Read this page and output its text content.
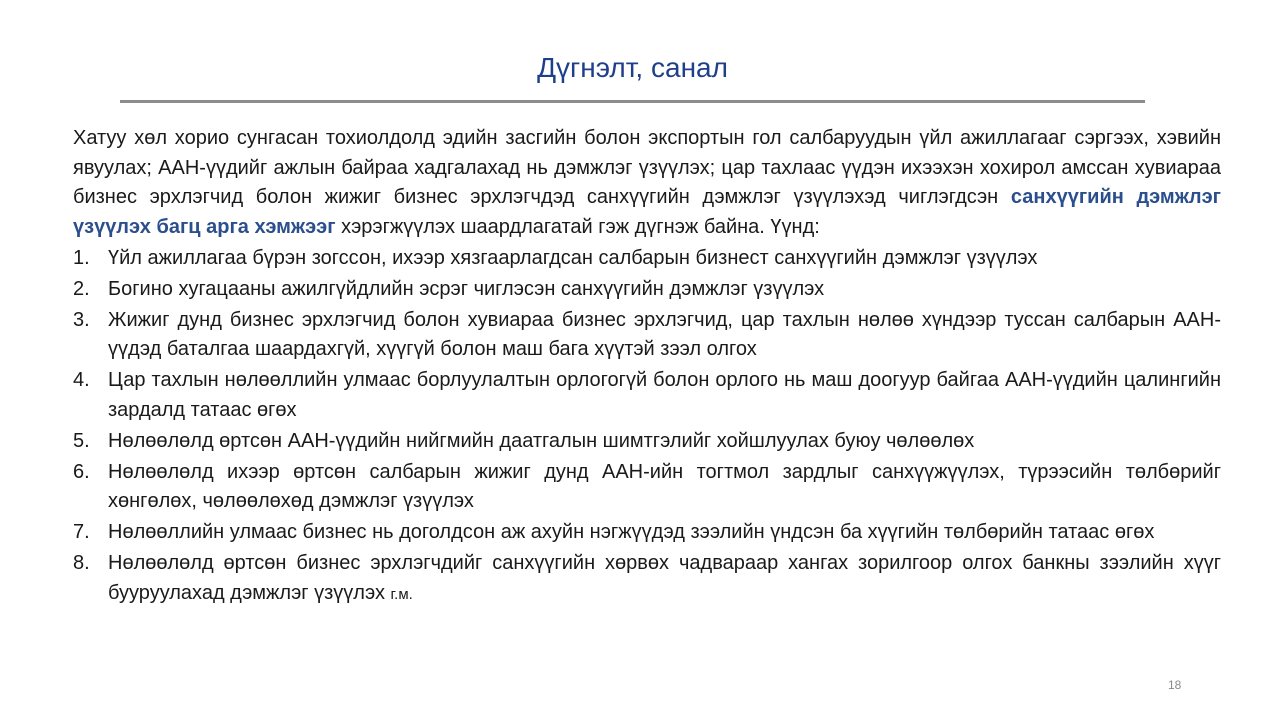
Дүгнэлт, санал

Хатуу хөл хорио сунгасан тохиолдолд эдийн засгийн болон экспортын гол салбаруудын үйл ажиллагааг сэргээх, хэвийн явуулах; ААН-үүдийг ажлын байраа хадгалахад нь дэмжлэг үзүүлэх; цар тахлаас үүдэн ихээхэн хохирол амссан хувиараа бизнес эрхлэгчид болон жижиг бизнес эрхлэгчдэд санхүүгийн дэмжлэг үзүүлэхэд чиглэгдсэн санхүүгийн дэмжлэг үзүүлэх багц арга хэмжээг хэрэгжүүлэх шаардлагатай гэж дүгнэж байна. Үүнд:

1. Үйл ажиллагаа бүрэн зогссон, ихээр хязгаарлагдсан салбарын бизнест санхүүгийн дэмжлэг үзүүлэх
2. Богино хугацааны ажилгүйдлийн эсрэг чиглэсэн санхүүгийн дэмжлэг үзүүлэх
3. Жижиг дунд бизнес эрхлэгчид болон хувиараа бизнес эрхлэгчид, цар тахлын нөлөө хүндээр туссан салбарын ААН-үүдэд баталгаа шаардахгүй, хүүгүй болон маш бага хүүтэй зээл олгох
4. Цар тахлын нөлөөллийн улмаас борлуулалтын орлогогүй болон орлого нь маш доогуур байгаа ААН-үүдийн цалингийн зардалд татаас өгөх
5. Нөлөөлөлд өртсөн ААН-үүдийн нийгмийн даатгалын шимтгэлийг хойшлуулах буюу чөлөөлөх
6. Нөлөөлөлд ихээр өртсөн салбарын жижиг дунд ААН-ийн тогтмол зардлыг санхүүжүүлэх, түрээсийн төлбөрийг хөнгөлөх, чөлөөлөхөд дэмжлэг үзүүлэх
7. Нөлөөллийн улмаас бизнес нь доголдсон аж ахуйн нэгжүүдэд зээлийн үндсэн ба хүүгийн төлбөрийн татаас өгөх
8. Нөлөөлөлд өртсөн бизнес эрхлэгчдийг санхүүгийн хөрвөх чадвараар хангах зорилгоор олгох банкны зээлийн хүүг бууруулахад дэмжлэг үзүүлэх г.м.
18
